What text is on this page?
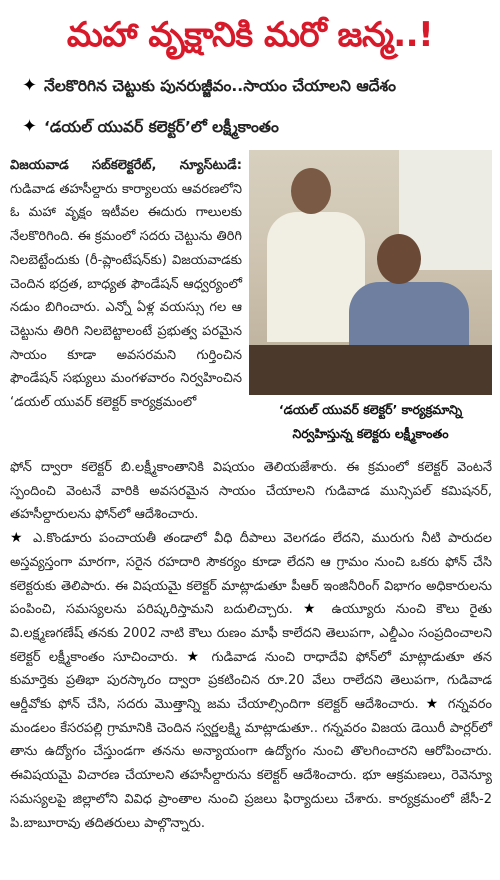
మహా వృక్షానికి మరో జన్మ..!
✦ నేలకొరిగిన చెట్టుకు పునరుజ్జీవం..సాయం చేయాలని ఆదేశం
✦ ‘డయల్ యువర్ కలెక్టర్’లో లక్ష్మీకాంతం
‘డయల్ యువర్ కలెక్టర్’ కార్యక్రమాన్ని
నిర్వహిస్తున్న కలెక్టరు లక్ష్మీకాంతం
విజయవాడ సబ్‌కలెక్టరేట్, న్యూస్‌టుడే: గుడివాడ తహసీల్దారు కార్యాలయ ఆవరణలోని ఓ మహా వృక్షం ఇటీవల ఈదురు గాలులకు నేలకొరిగింది. ఈ క్రమంలో సదరు చెట్టును తిరిగి నిలబెట్టేందుకు (రీ-ప్లాంటేషన్‌కు) విజయవాడకు చెందిన భద్రత, బాధ్యత ఫౌండేషన్ ఆధ్వర్యంలో నడుం బిగించారు. ఎన్నో ఏళ్ల వయస్సు గల ఆ చెట్టును తిరిగి నిలబెట్టాలంటే ప్రభుత్వ పరమైన సాయం కూడా అవసరమని గుర్తించిన ఫౌండేషన్ సభ్యులు మంగళవారం నిర్వహించిన ‘డయల్ యువర్ కలెక్టర్ కార్యక్రమంలో
ఫోన్ ద్వారా కలెక్టర్ బి.లక్ష్మీకాంతానికి విషయం తెలియజేశారు. ఈ క్రమంలో కలెక్టర్ వెంటనే స్పందించి వెంటనే వారికి అవసరమైన సాయం చేయాలని గుడివాడ మున్సిపల్ కమిషనర్, తహసీల్దారులను ఫోన్‌లో ఆదేశించారు.
★ ఎ.కొండూరు పంచాయతీ తండాలో వీధి దీపాలు వెలగడం లేదని, మురుగు నీటి పారుదల అస్తవ్యస్తంగా మారగా, సరైన రహదారి సౌకర్యం కూడా లేదని ఆ గ్రామం నుంచి ఒకరు ఫోన్ చేసి కలెక్టరుకు తెలిపారు. ఈ విషయమై కలెక్టర్ మాట్లాడుతూ పీఆర్ ఇంజినీరింగ్ విభాగం అధికారులను పంపించి, సమస్యలను పరిష్కరిస్తామని బదులిచ్చారు. ★ ఉయ్యూరు నుంచి కౌలు రైతు వి.లక్ష్మణగణేష్ తనకు 2002 నాటి కౌలు రుణం మాఫీ కాలేదని తెలుపగా, ఎల్డీఎం సంప్రదించాలని కలెక్టర్ లక్ష్మీకాంతం సూచించారు. ★ గుడివాడ నుంచి రాధాదేవి ఫోన్‌లో మాట్లాడుతూ తన కుమార్తెకు ప్రతిభా పురస్కారం ద్వారా ప్రకటించిన రూ.20 వేలు రాలేదని తెలుపగా, గుడివాడ ఆర్డీవోకు ఫోన్ చేసి, సదరు మొత్తాన్ని జమ చేయాల్సిందిగా కలెక్టర్ ఆదేశించారు. ★ గన్నవరం మండలం కేసరపల్లి గ్రామానికి చెందిన స్వర్ణలక్ష్మి మాట్లాడుతూ.. గన్నవరం విజయ డెయిరీ పార్లర్‌లో తాను ఉద్యోగం చేస్తుండగా తనను అన్యాయంగా ఉద్యోగం నుంచి తొలగించారని ఆరోపించారు. ఈవిషయమై విచారణ చేయాలని తహసీల్దారును కలెక్టర్ ఆదేశించారు. భూ ఆక్రమణలు, రెవెన్యూ సమస్యలపై జిల్లాలోని వివిధ ప్రాంతాల నుంచి ప్రజలు ఫిర్యాదులు చేశారు. కార్యక్రమంలో జేసీ-2 పి.బాబూరావు తదితరులు పాల్గొన్నారు.
